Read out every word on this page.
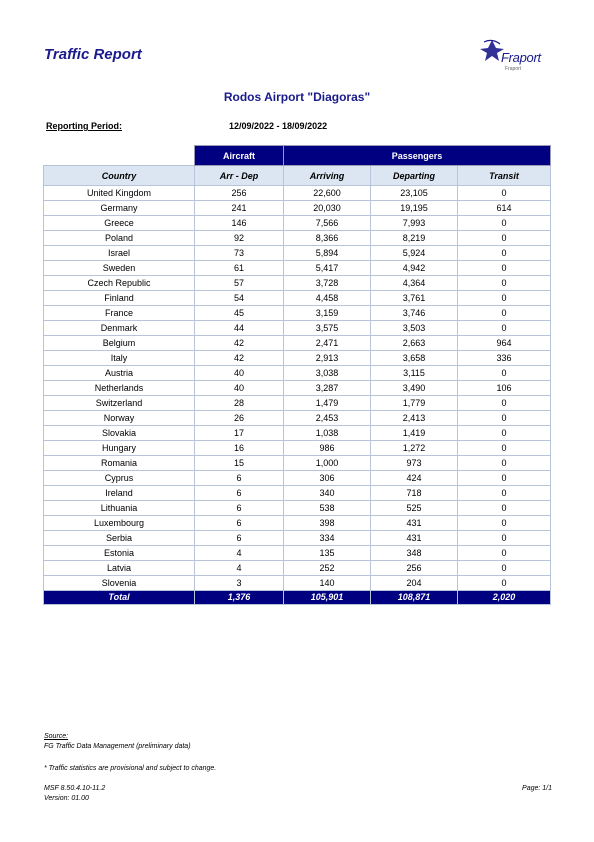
Traffic Report	Fraport
Fraport
Rodos Airport "Diagoras"
Reporting Period:	12/09/2022 - 18/09/2022
	Aircraft	Passengers		
Country	Arr - Dep	Arriving	Departing	Transit
United Kingdom	256	22,600	23,105	0
Germany	241	20,030	19,195	614
Greece	146	7,566	7,993	0
Poland	92	8,366	8,219	0
Israel	73	5,894	5,924	0
Sweden	61	5,417	4,942	0
Czech Republic	57	3,728	4,364	0
Finland	54	4,458	3,761	0
France	45	3,159	3,746	0
Denmark	44	3,575	3,503	0
Belgium	42	2,471	2,663	964
Italy	42	2,913	3,658	336
Austria	40	3,038	3,115	0
Netherlands	40	3,287	3,490	106
Switzerland	28	1,479	1,779	0
Norway	26	2,453	2,413	0
Slovakia	17	1,038	1,419	0
Hungary	16	986	1,272	0
Romania	15	1,000	973	0
Cyprus	6	306	424	0
Ireland	6	340	718	0
Lithuania	6	538	525	0
Luxembourg	6	398	431	0
Serbia	6	334	431	0
Estonia	4	135	348	0
Latvia	4	252	256	0
Slovenia	3	140	204	0
Total	1,376	105,901	108,871	2,020
Source:
FG Traffic Data Management (preliminary data)
* Traffic statistics are provisional and subject to change.
MSF 8.50.4.10-11.2
Version: 01.00
Page: 1/1
